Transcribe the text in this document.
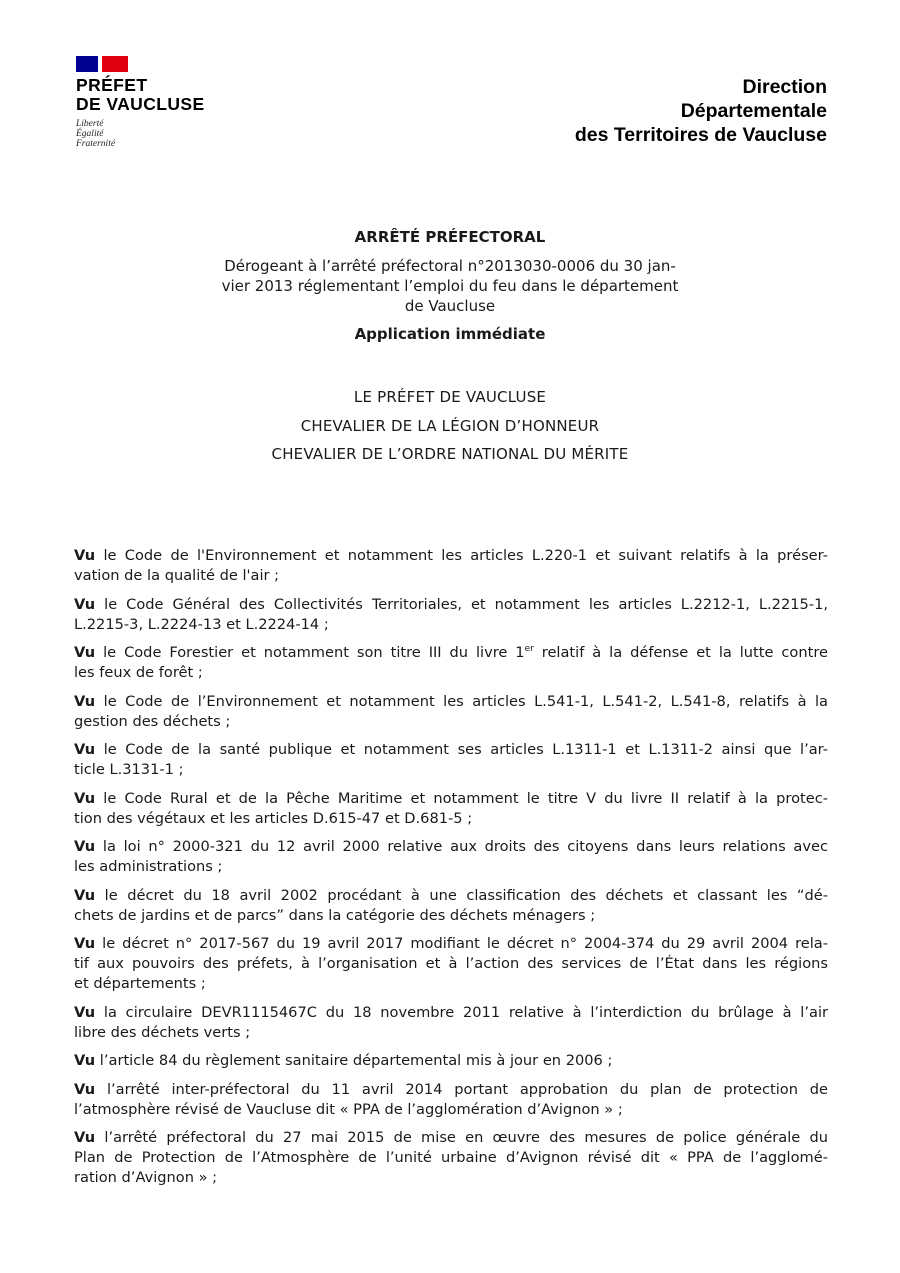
PRÉFET
DE VAUCLUSE
Liberté
Égalité
Fraternité
Direction
Départementale
des Territoires de Vaucluse
ARRÊTÉ PRÉFECTORAL
Dérogeant à l’arrêté préfectoral n°2013030-0006 du 30 jan-
vier 2013 réglementant l’emploi du feu dans le département
de Vaucluse
Application immédiate
LE PRÉFET DE VAUCLUSE
CHEVALIER DE LA LÉGION D’HONNEUR
CHEVALIER DE L’ORDRE NATIONAL DU MÉRITE
Vu le Code de l'Environnement et notamment les articles L.220-1 et suivant relatifs à la préser-
vation de la qualité de l'air ;
Vu le Code Général des Collectivités Territoriales, et notamment les articles L.2212-1, L.2215-1,
L.2215-3, L.2224-13 et L.2224-14 ;
Vu le Code Forestier et notamment son titre III du livre 1er relatif à la défense et la lutte contre
les feux de forêt ;
Vu le Code de l’Environnement et notamment les articles L.541-1, L.541-2, L.541-8, relatifs à la
gestion des déchets ;
Vu le Code de la santé publique et notamment ses articles L.1311-1 et L.1311-2 ainsi que l’ar-
ticle L.3131-1 ;
Vu le Code Rural et de la Pêche Maritime et notamment le titre V du livre II relatif à la protec-
tion des végétaux et les articles D.615-47 et D.681-5 ;
Vu la loi n° 2000-321 du 12 avril 2000 relative aux droits des citoyens dans leurs relations avec
les administrations ;
Vu le décret du 18 avril 2002 procédant à une classification des déchets et classant les “dé-
chets de jardins et de parcs” dans la catégorie des déchets ménagers ;
Vu le décret n° 2017-567 du 19 avril 2017 modifiant le décret n° 2004-374 du 29 avril 2004 rela-
tif aux pouvoirs des préfets, à l’organisation et à l’action des services de l’État dans les régions
et départements ;
Vu la circulaire DEVR1115467C du 18 novembre 2011 relative à l’interdiction du brûlage à l’air
libre des déchets verts ;
Vu l’article 84 du règlement sanitaire départemental mis à jour en 2006 ;
Vu l’arrêté inter-préfectoral du 11 avril 2014 portant approbation du plan de protection de
l’atmosphère révisé de Vaucluse dit « PPA de l’agglomération d’Avignon » ;
Vu l’arrêté préfectoral du 27 mai 2015 de mise en œuvre des mesures de police générale du
Plan de Protection de l’Atmosphère de l’unité urbaine d’Avignon révisé dit « PPA de l’agglomé-
ration d’Avignon » ;
